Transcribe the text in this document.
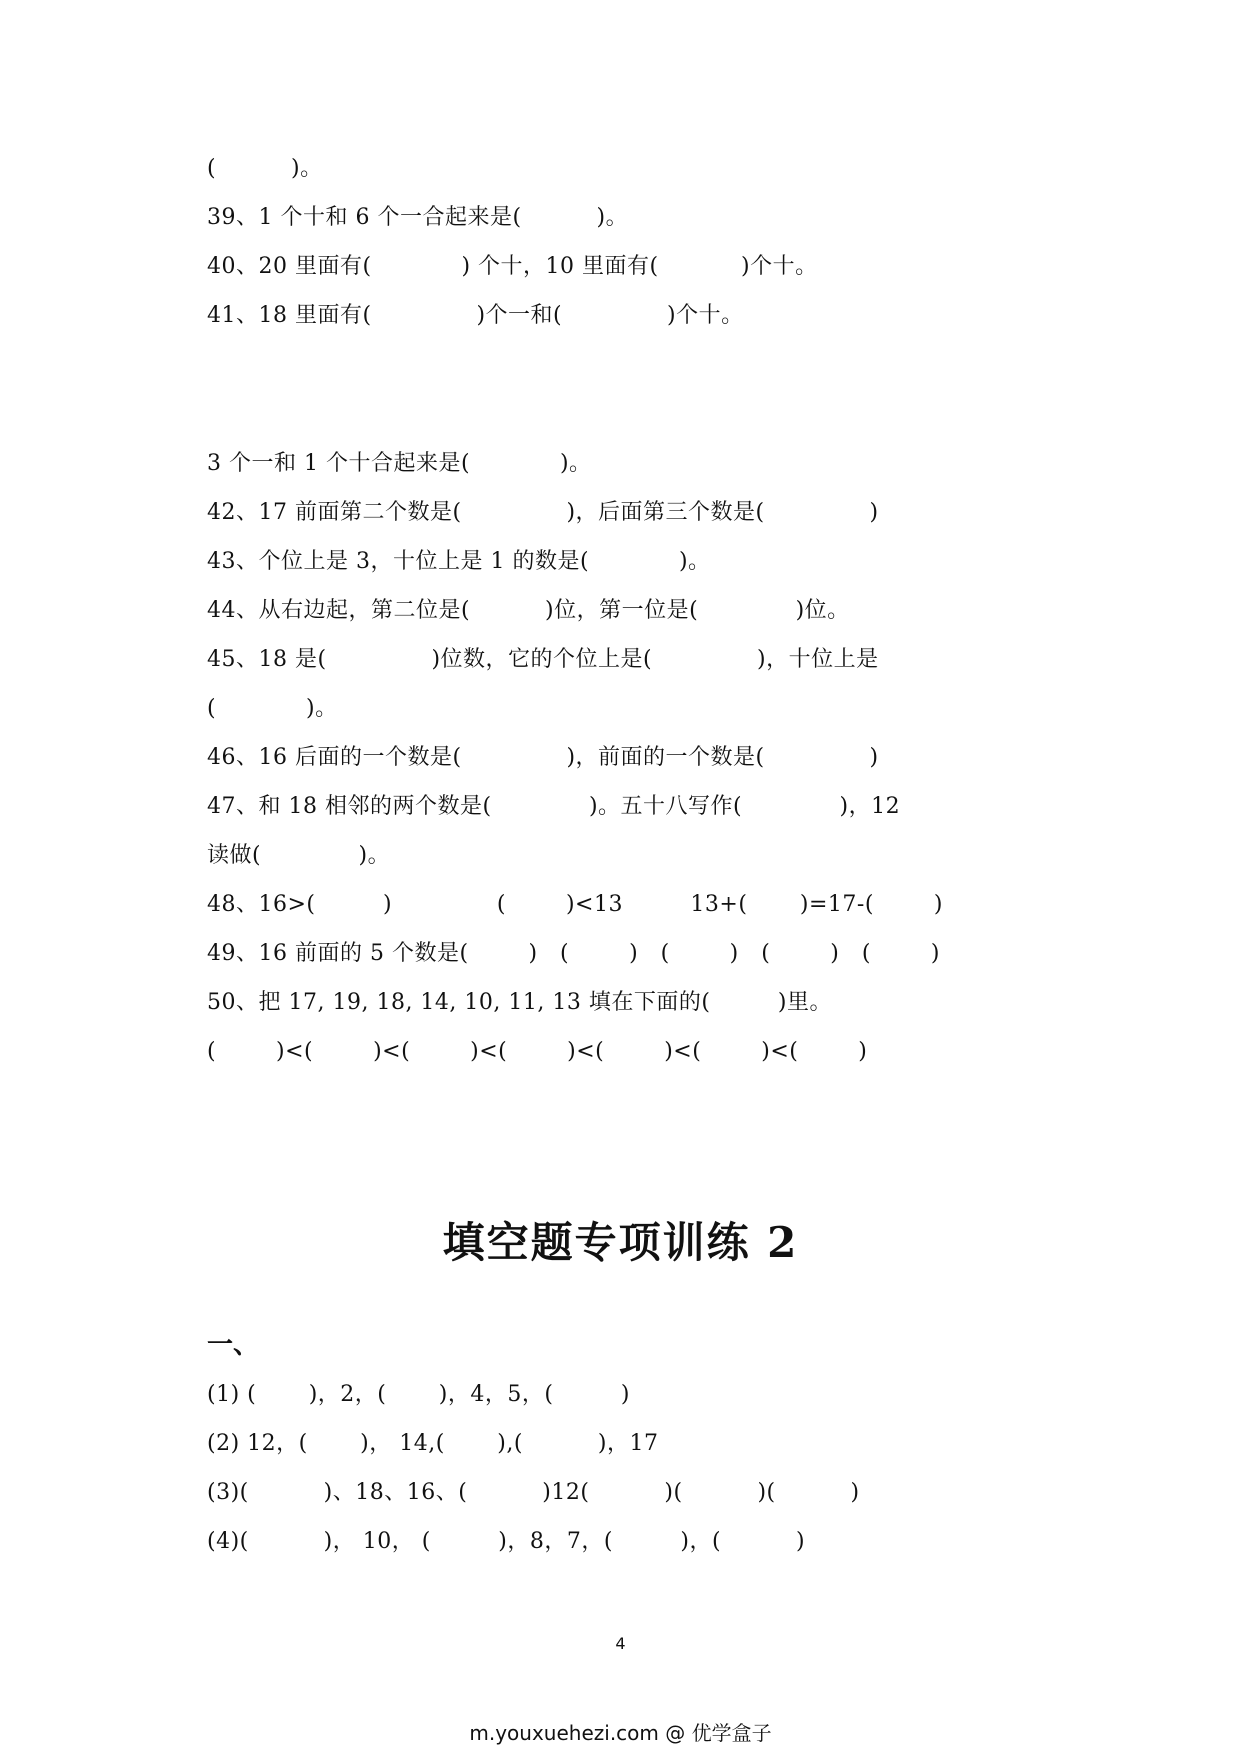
(          )。
39、1 个十和 6 个一合起来是(          )。
40、20 里面有(            ) 个十，10 里面有(           )个十。
41、18 里面有(              )个一和(              )个十。
3 个一和 1 个十合起来是(            )。
42、17 前面第二个数是(              )，后面第三个数是(              )
43、个位上是 3，十位上是 1 的数是(            )。
44、从右边起，第二位是(          )位，第一位是(             )位。
45、18 是(              )位数，它的个位上是(              )，十位上是
(            )。
46、16 后面的一个数是(              )，前面的一个数是(              )
47、和 18 相邻的两个数是(             )。五十八写作(             )，12
读做(             )。
48、16>(         )              (        )<13         13+(       )=17-(        )
49、16 前面的 5 个数是(        )   (        )   (        )   (        )   (        )
50、把 17, 19, 18, 14, 10, 11, 13 填在下面的(         )里。
(        )<(        )<(        )<(        )<(        )<(        )<(        )
填空题专项训练 2
一、
(1) (       )，2，(       )，4，5，(         )
(2) 12，(       )， 14,(       ),(          )，17
(3)(          )、18、16、(          )12(          )(          )(          )
(4)(          )， 10， (         )，8，7，(         )，(          )
4
m.youxuehezi.com @ 优学盒子
